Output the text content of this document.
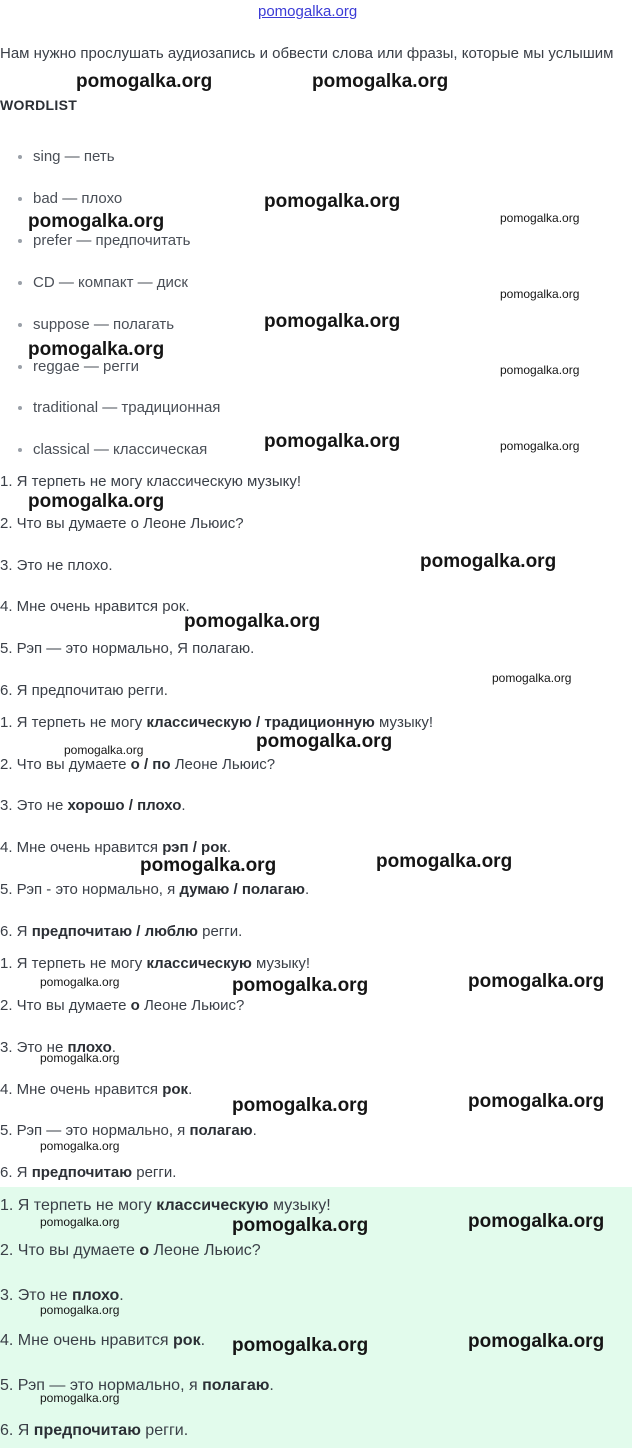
pomogalka.org
Нам нужно прослушать аудиозапись и обвести слова или фразы, которые мы услышим
WORDLIST
sing — петь
bad — плохо
prefer — предпочитать
CD — компакт — диск
suppose — полагать
reggae — регги
traditional — традиционная
classical — классическая
1. Я терпеть не могу классическую музыку!
2. Что вы думаете о Леоне Льюис?
3. Это не плохо.
4. Мне очень нравится рок.
5. Рэп — это нормально, Я полагаю.
6. Я предпочитаю регги.
1. Я терпеть не могу классическую / традиционную музыку!
2. Что вы думаете о / по Леоне Льюис?
3. Это не хорошо / плохо.
4. Мне очень нравится рэп / рок.
5. Рэп - это нормально, я думаю / полагаю.
6. Я предпочитаю / люблю регги.
1. Я терпеть не могу классическую музыку!
2. Что вы думаете о Леоне Льюис?
3. Это не плохо.
4. Мне очень нравится рок.
5. Рэп — это нормально, я полагаю.
6. Я предпочитаю регги.
1. Я терпеть не могу классическую музыку!
2. Что вы думаете о Леоне Льюис?
3. Это не плохо.
4. Мне очень нравится рок.
5. Рэп — это нормально, я полагаю.
6. Я предпочитаю регги.
pomogalka.org	pomogalka.org
pomogalka.org
pomogalka.org	pomogalka.org
pomogalka.org
pomogalka.org
pomogalka.org
pomogalka.org
pomogalka.org	pomogalka.org
pomogalka.org
pomogalka.org
pomogalka.org
pomogalka.org
pomogalka.org	pomogalka.org
pomogalka.org	pomogalka.org
pomogalka.org	pomogalka.org	pomogalka.org
pomogalka.org
pomogalka.org	pomogalka.org
pomogalka.org
pomogalka.org	pomogalka.org	pomogalka.org
pomogalka.org
pomogalka.org	pomogalka.org
pomogalka.org
